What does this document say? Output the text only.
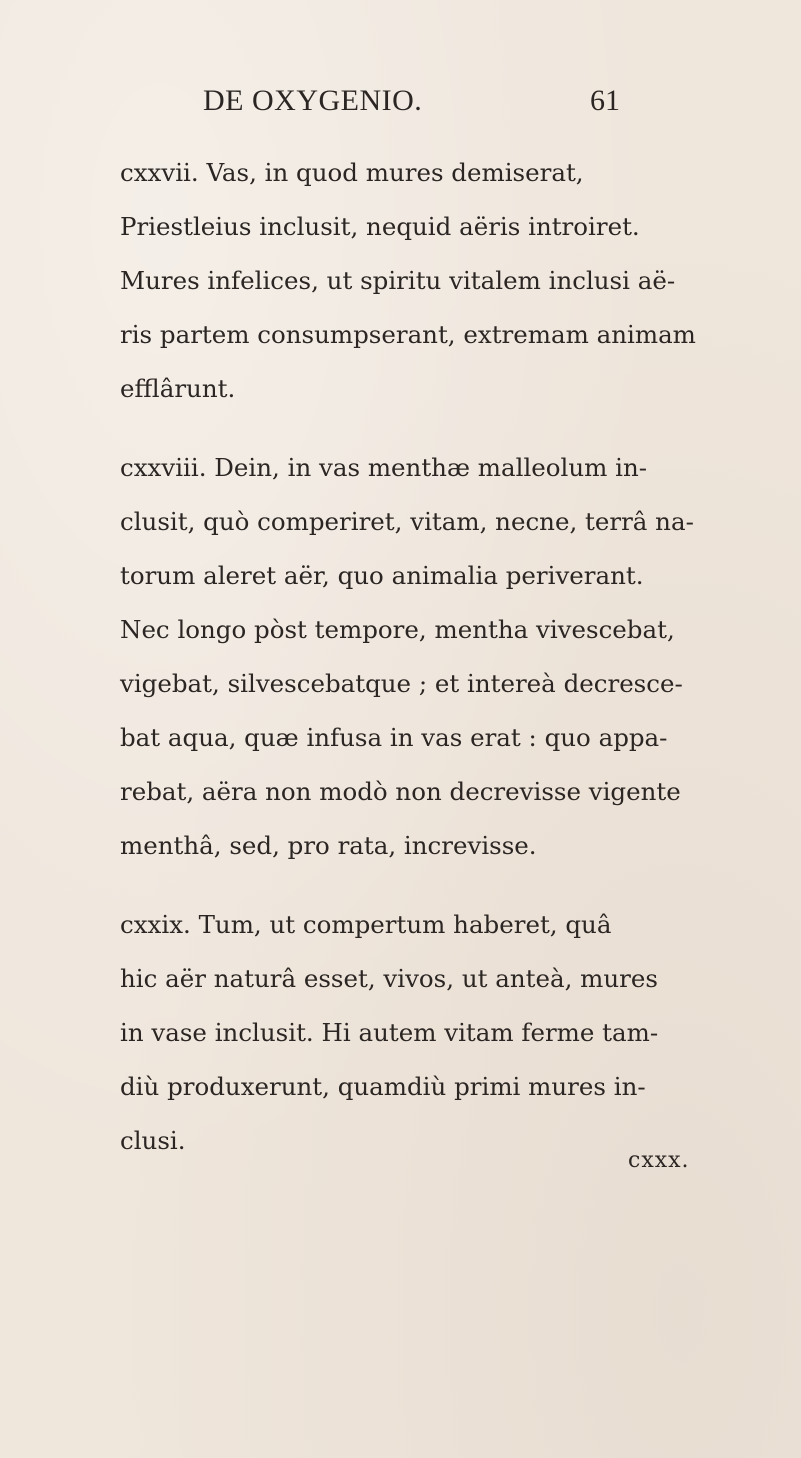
DE OXYGENIO.	61
cxxvii. Vas, in quod mures demiserat,
Priestleius inclusit, nequid aëris introiret.
Mures infelices, ut spiritu vitalem inclusi aë-
ris partem consumpserant, extremam animam
efflârunt.
cxxviii. Dein, in vas menthæ malleolum in-
clusit, quò comperiret, vitam, necne, terrâ na-
torum aleret aër, quo animalia periverant.
Nec longo pòst tempore, mentha vivescebat,
vigebat, silvescebatque ; et intereà decresce-
bat aqua, quæ infusa in vas erat : quo appa-
rebat, aëra non modò non decrevisse vigente
menthâ, sed, pro rata, increvisse.
cxxix. Tum, ut compertum haberet, quâ
hic aër naturâ esset, vivos, ut anteà, mures
in vase inclusit. Hi autem vitam ferme tam-
diù produxerunt, quamdiù primi mures in-
clusi.
cxxx.
